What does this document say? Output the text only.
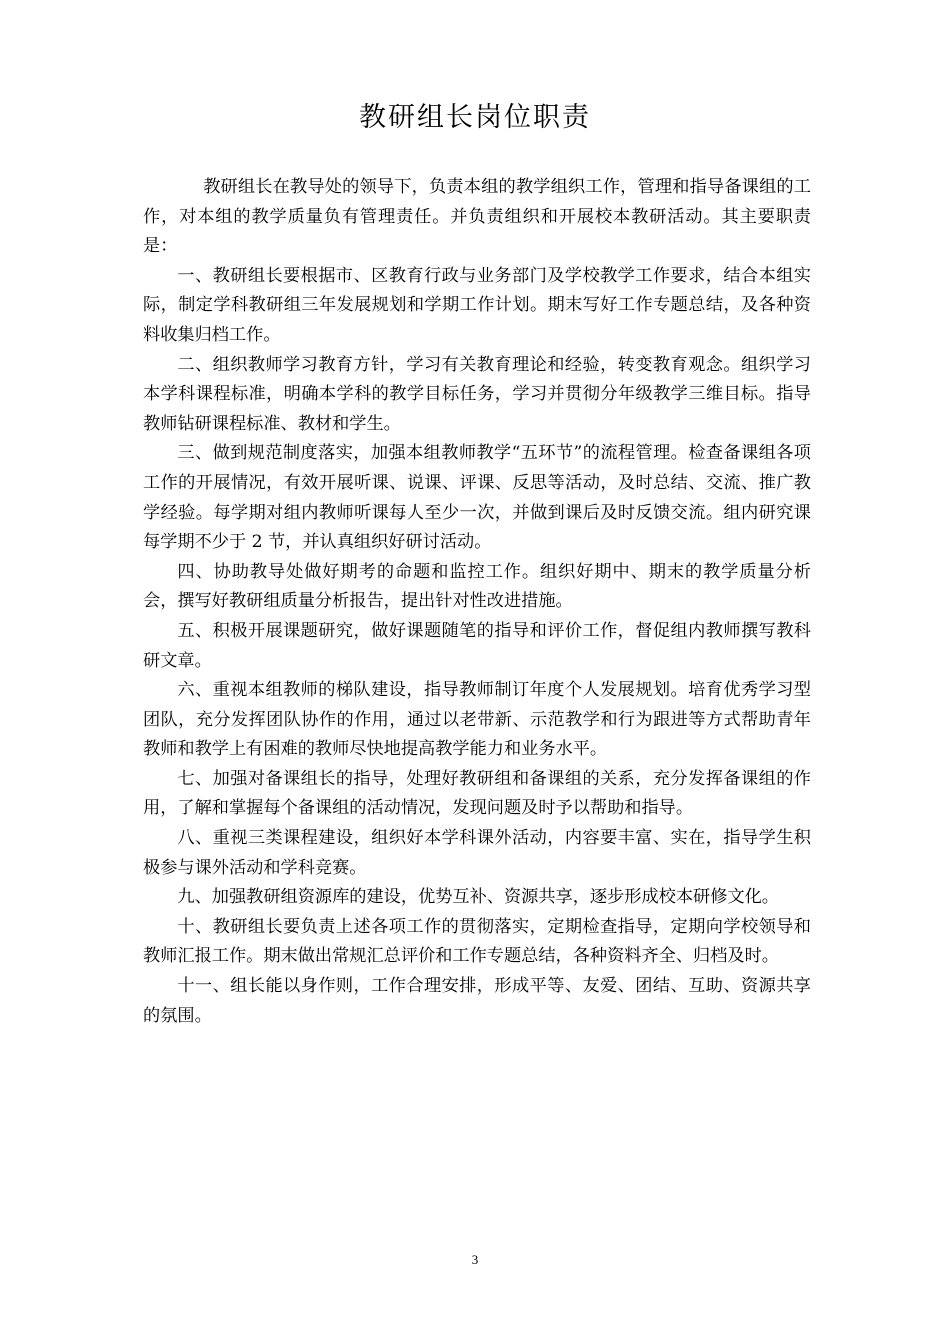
教研组长岗位职责

教研组长在教导处的领导下，负责本组的教学组织工作，管理和指导备课组的工作，对本组的教学质量负有管理责任。并负责组织和开展校本教研活动。其主要职责是：

一、教研组长要根据市、区教育行政与业务部门及学校教学工作要求，结合本组实际，制定学科教研组三年发展规划和学期工作计划。期末写好工作专题总结，及各种资料收集归档工作。

二、组织教师学习教育方针，学习有关教育理论和经验，转变教育观念。组织学习本学科课程标准，明确本学科的教学目标任务，学习并贯彻分年级教学三维目标。指导教师钻研课程标准、教材和学生。

三、做到规范制度落实，加强本组教师教学“五环节”的流程管理。检查备课组各项工作的开展情况，有效开展听课、说课、评课、反思等活动，及时总结、交流、推广教学经验。每学期对组内教师听课每人至少一次，并做到课后及时反馈交流。组内研究课每学期不少于 2 节，并认真组织好研讨活动。

四、协助教导处做好期考的命题和监控工作。组织好期中、期末的教学质量分析会，撰写好教研组质量分析报告，提出针对性改进措施。

五、积极开展课题研究，做好课题随笔的指导和评价工作，督促组内教师撰写教科研文章。

六、重视本组教师的梯队建设，指导教师制订年度个人发展规划。培育优秀学习型团队，充分发挥团队协作的作用，通过以老带新、示范教学和行为跟进等方式帮助青年教师和教学上有困难的教师尽快地提高教学能力和业务水平。

七、加强对备课组长的指导，处理好教研组和备课组的关系，充分发挥备课组的作用，了解和掌握每个备课组的活动情况，发现问题及时予以帮助和指导。

八、重视三类课程建设，组织好本学科课外活动，内容要丰富、实在，指导学生积极参与课外活动和学科竞赛。

九、加强教研组资源库的建设，优势互补、资源共享，逐步形成校本研修文化。

十、教研组长要负责上述各项工作的贯彻落实，定期检查指导，定期向学校领导和教师汇报工作。期末做出常规汇总评价和工作专题总结，各种资料齐全、归档及时。

十一、组长能以身作则，工作合理安排，形成平等、友爱、团结、互助、资源共享的氛围。

3
